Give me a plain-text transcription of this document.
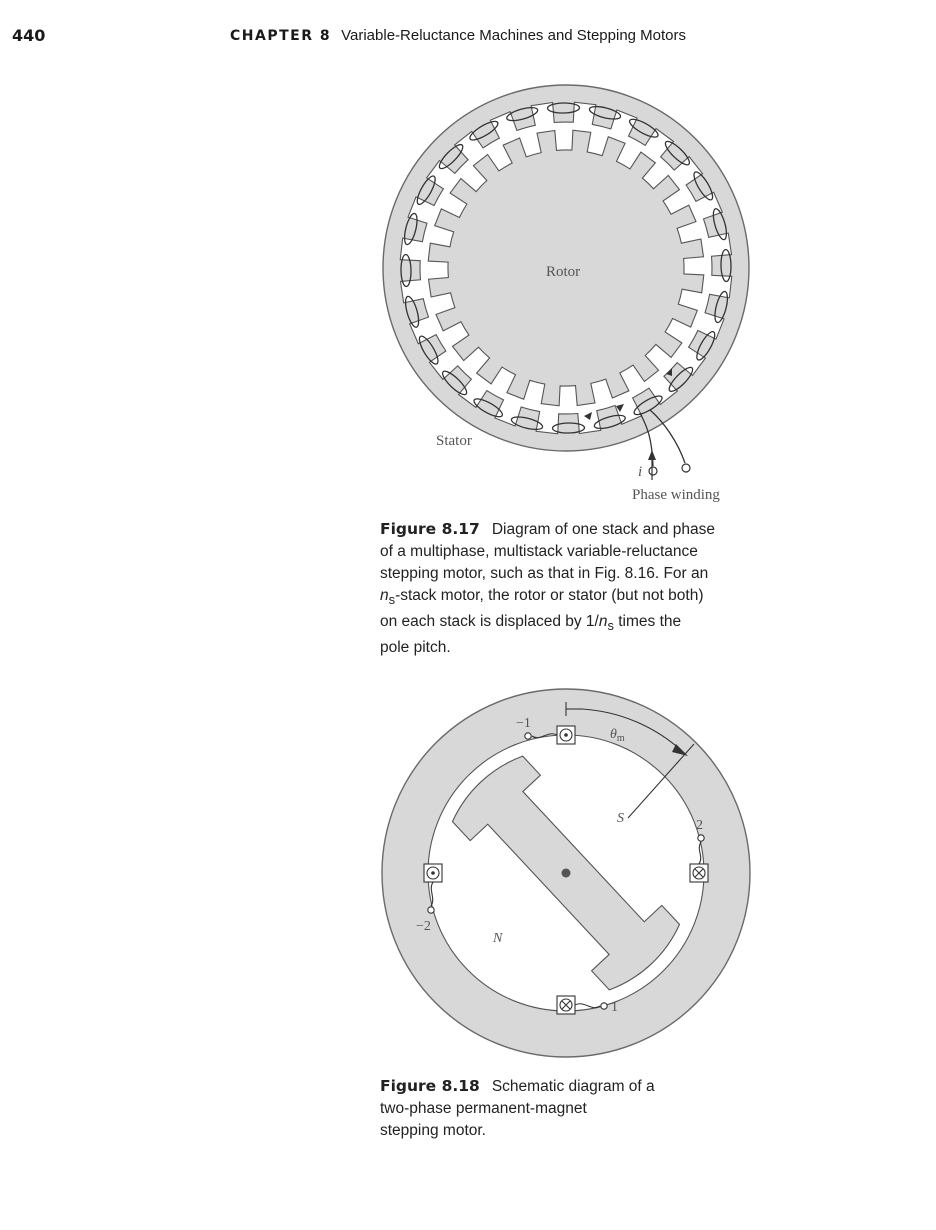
440	CHAPTER 8 Variable-Reluctance Machines and Stepping Motors
Rotor
Stator
i
Phase winding
Figure 8.17 Diagram of one stack and phase
of a multiphase, multistack variable-reluctance
stepping motor, such as that in Fig. 8.16. For an
$n_s$-stack motor, the rotor or stator (but not both)
on each stack is displaced by $1/n_s$ times the
pole pitch.
−1
2
−2
1
S
N
$\theta_m$
Figure 8.18 Schematic diagram of a
two-phase permanent-magnet
stepping motor.
